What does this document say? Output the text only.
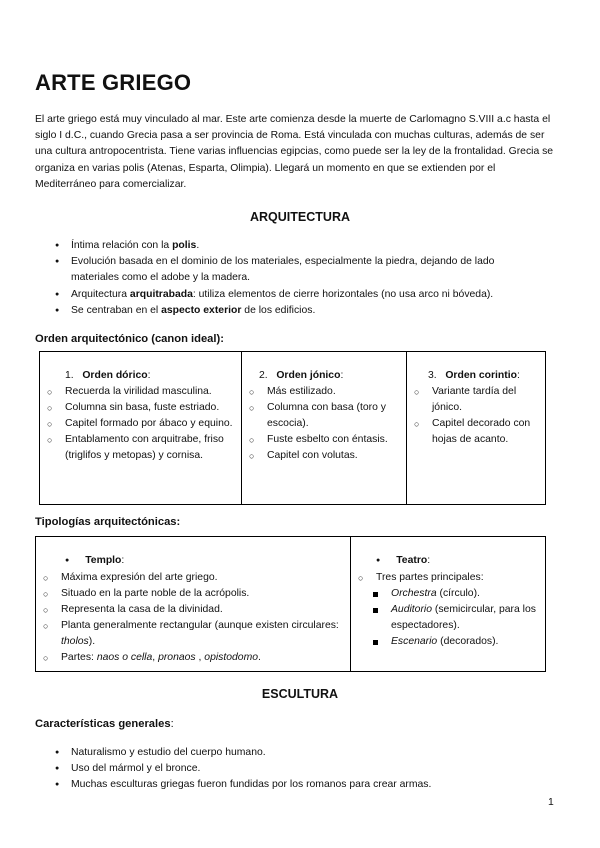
ARTE GRIEGO

El arte griego está muy vinculado al mar. Este arte comienza desde la muerte de Carlomagno S.VIII a.c hasta el siglo I d.C., cuando Grecia pasa a ser provincia de Roma. Está vinculada con muchas culturas, además de ser una cultura antropocentrista. Tiene varias influencias egipcias, como puede ser la ley de la frontalidad. Grecia se organiza en varias polis (Atenas, Esparta, Olimpia). Llegará un momento en que se extienden por el Mediterráneo para comercializar.

ARQUITECTURA

● Íntima relación con la polis.
● Evolución basada en el dominio de los materiales, especialmente la piedra, dejando de lado materiales como el adobe y la madera.
● Arquitectura arquitrabada: utiliza elementos de cierre horizontales (no usa arco ni bóveda).
● Se centraban en el aspecto exterior de los edificios.

Orden arquitectónico (canon ideal):

1. Orden dórico:
○ Recuerda la virilidad masculina.
○ Columna sin basa, fuste estriado.
○ Capitel formado por ábaco y equino.
○ Entablamento con arquitrabe, friso (triglifos y metopas) y cornisa.

2. Orden jónico:
○ Más estilizado.
○ Columna con basa (toro y escocia).
○ Fuste esbelto con éntasis.
○ Capitel con volutas.

3. Orden corintio:
○ Variante tardía del jónico.
○ Capitel decorado con hojas de acanto.

Tipologías arquitectónicas:

● Templo:
○ Máxima expresión del arte griego.
○ Situado en la parte noble de la acrópolis.
○ Representa la casa de la divinidad.
○ Planta generalmente rectangular (aunque existen circulares: tholos).
○ Partes: naos o cella, pronaos , opistodomo.

● Teatro:
○ Tres partes principales:
Orchestra (círculo).
Auditorio (semicircular, para los espectadores).
Escenario (decorados).

ESCULTURA

Características generales:

● Naturalismo y estudio del cuerpo humano.
● Uso del mármol y el bronce.
● Muchas esculturas griegas fueron fundidas por los romanos para crear armas.
1
